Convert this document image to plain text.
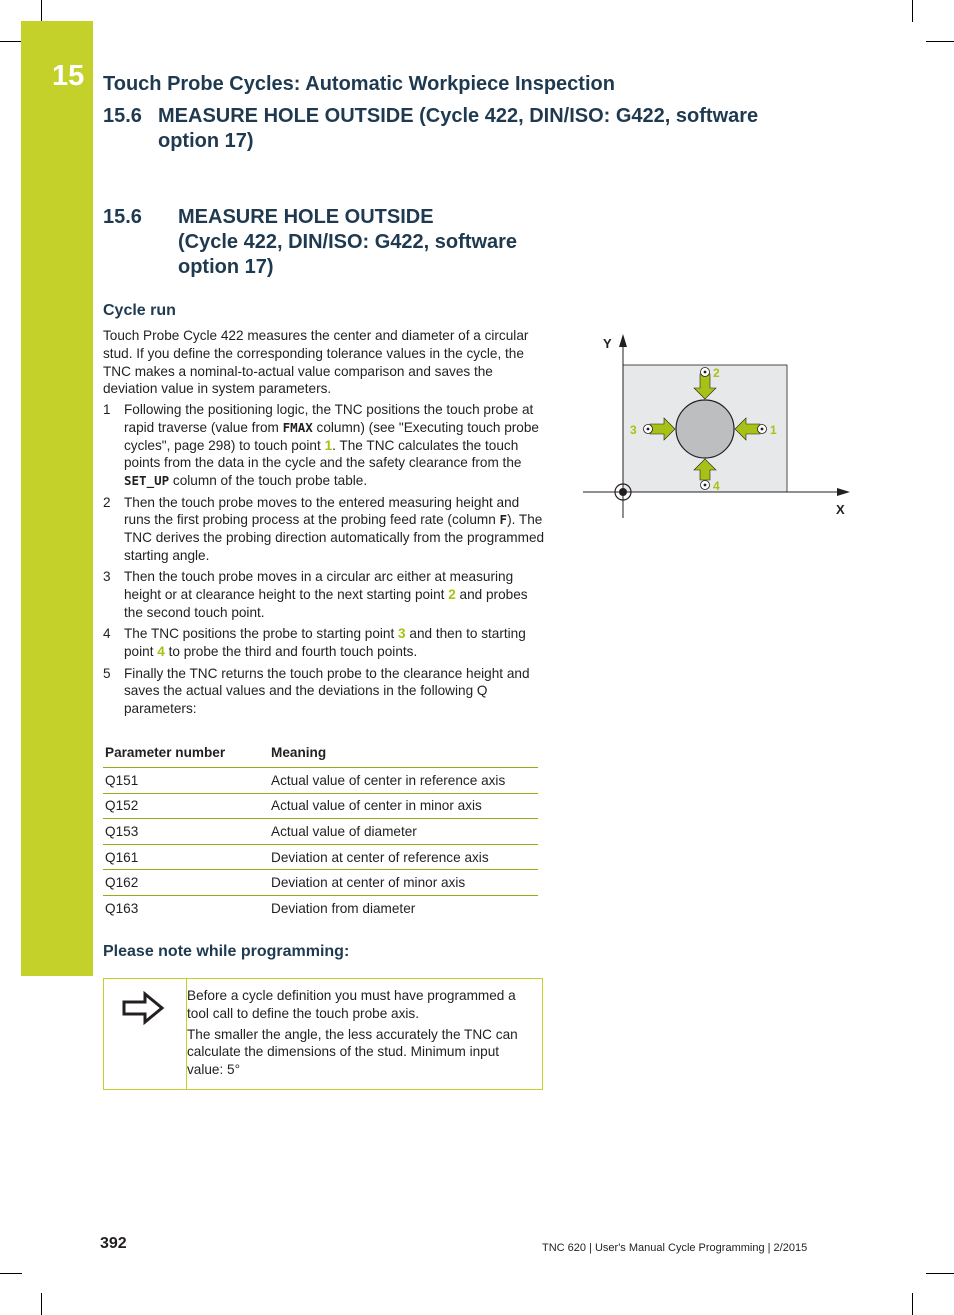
15 Touch Probe Cycles: Automatic Workpiece Inspection
15.6 MEASURE HOLE OUTSIDE (Cycle 422, DIN/ISO: G422, software option 17)
15.6 MEASURE HOLE OUTSIDE
(Cycle 422, DIN/ISO: G422, software
option 17)
Cycle run
Touch Probe Cycle 422 measures the center and diameter of a circular stud. If you define the corresponding tolerance values in the cycle, the TNC makes a nominal-to-actual value comparison and saves the deviation value in system parameters.
1 Following the positioning logic, the TNC positions the touch probe at rapid traverse (value from FMAX column) (see "Executing touch probe cycles", page 298) to touch point 1. The TNC calculates the touch points from the data in the cycle and the safety clearance from the SET_UP column of the touch probe table.
2 Then the touch probe moves to the entered measuring height and runs the first probing process at the probing feed rate (column F). The TNC derives the probing direction automatically from the programmed starting angle.
3 Then the touch probe moves in a circular arc either at measuring height or at clearance height to the next starting point 2 and probes the second touch point.
4 The TNC positions the probe to starting point 3 and then to starting point 4 to probe the third and fourth touch points.
5 Finally the TNC returns the touch probe to the clearance height and saves the actual values and the deviations in the following Q parameters:
Parameter number	Meaning
Q151	Actual value of center in reference axis
Q152	Actual value of center in minor axis
Q153	Actual value of diameter
Q161	Deviation at center of reference axis
Q162	Deviation at center of minor axis
Q163	Deviation from diameter
Please note while programming:

Before a cycle definition you must have programmed a tool call to define the touch probe axis.

The smaller the angle, the less accurately the TNC can calculate the dimensions of the stud. Minimum input value: 5°

Y
X
1
2
3
4
392	TNC 620 | User's Manual Cycle Programming | 2/2015
